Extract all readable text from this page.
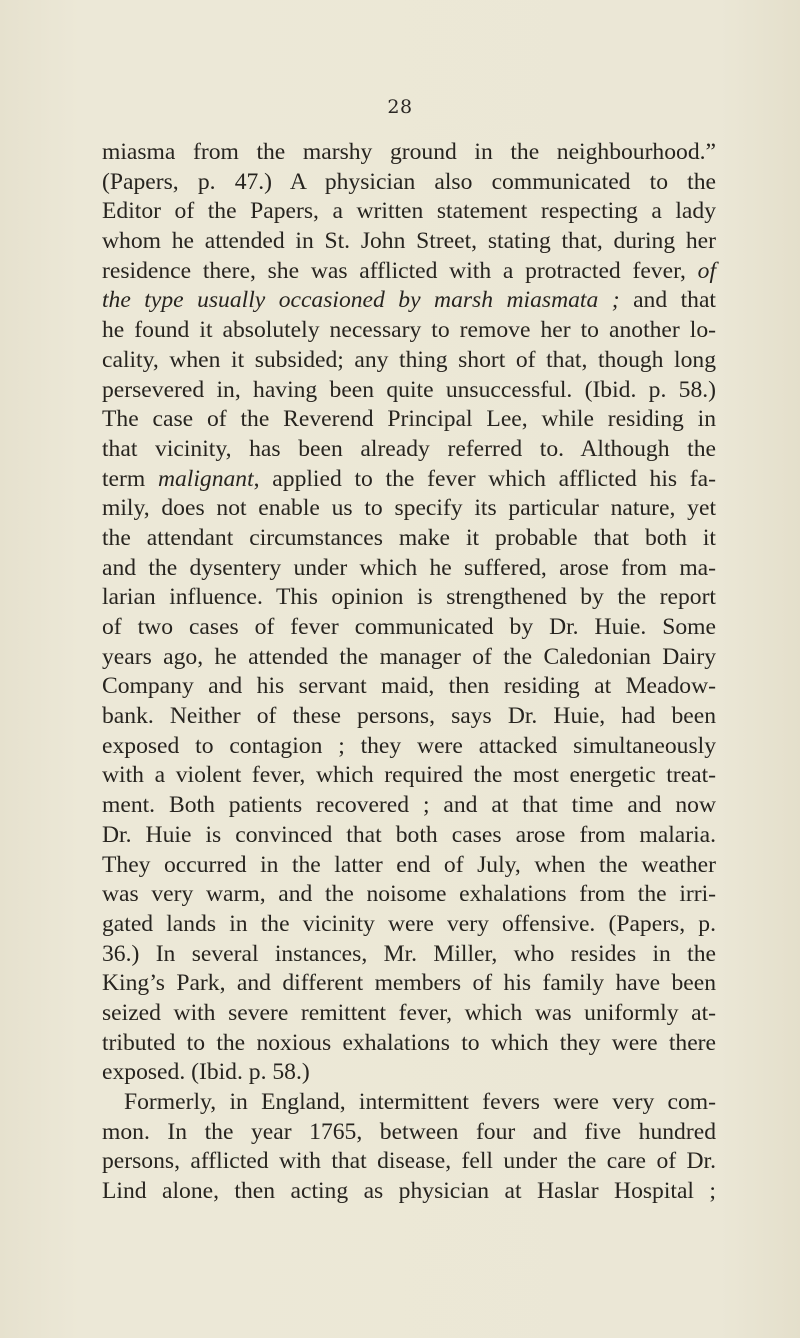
28
miasma from the marshy ground in the neighbourhood.”
(Papers, p. 47.) A physician also communicated to the
Editor of the Papers, a written statement respecting a lady
whom he attended in St. John Street, stating that, during her
residence there, she was afflicted with a protracted fever, of
the type usually occasioned by marsh miasmata ; and that
he found it absolutely necessary to remove her to another lo-
cality, when it subsided; any thing short of that, though long
persevered in, having been quite unsuccessful. (Ibid. p. 58.)
The case of the Reverend Principal Lee, while residing in
that vicinity, has been already referred to. Although the
term malignant, applied to the fever which afflicted his fa-
mily, does not enable us to specify its particular nature, yet
the attendant circumstances make it probable that both it
and the dysentery under which he suffered, arose from ma-
larian influence. This opinion is strengthened by the report
of two cases of fever communicated by Dr. Huie. Some
years ago, he attended the manager of the Caledonian Dairy
Company and his servant maid, then residing at Meadow-
bank. Neither of these persons, says Dr. Huie, had been
exposed to contagion ; they were attacked simultaneously
with a violent fever, which required the most energetic treat-
ment. Both patients recovered ; and at that time and now
Dr. Huie is convinced that both cases arose from malaria.
They occurred in the latter end of July, when the weather
was very warm, and the noisome exhalations from the irri-
gated lands in the vicinity were very offensive. (Papers, p.
36.) In several instances, Mr. Miller, who resides in the
King’s Park, and different members of his family have been
seized with severe remittent fever, which was uniformly at-
tributed to the noxious exhalations to which they were there
exposed. (Ibid. p. 58.)
Formerly, in England, intermittent fevers were very com-
mon. In the year 1765, between four and five hundred
persons, afflicted with that disease, fell under the care of Dr.
Lind alone, then acting as physician at Haslar Hospital ;
